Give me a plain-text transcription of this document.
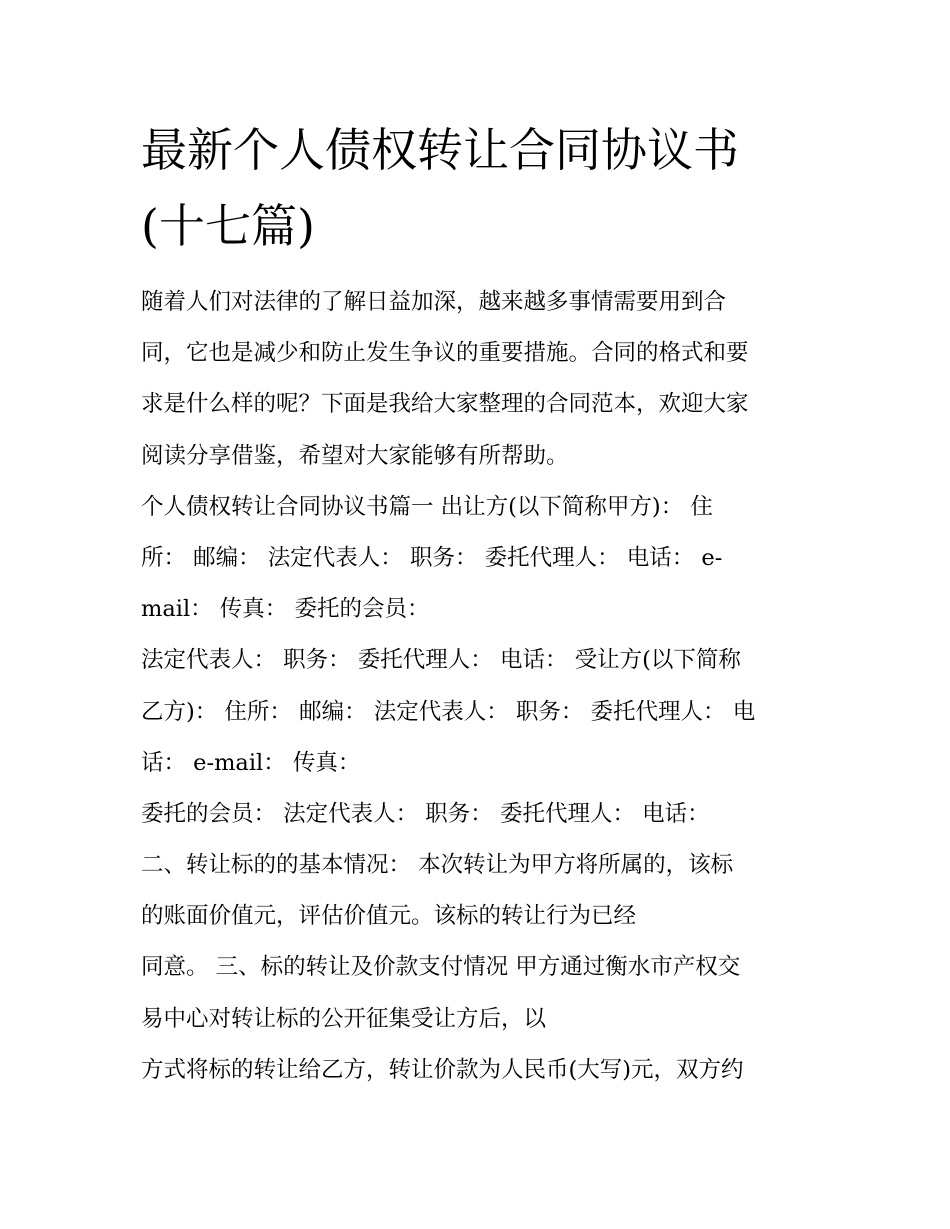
最新个人债权转让合同协议书
(十七篇)
随着人们对法律的了解日益加深，越来越多事情需要用到合
同，它也是减少和防止发生争议的重要措施。合同的格式和要
求是什么样的呢？下面是我给大家整理的合同范本，欢迎大家
阅读分享借鉴，希望对大家能够有所帮助。
个人债权转让合同协议书篇一 出让方(以下简称甲方)： 住
所： 邮编： 法定代表人： 职务： 委托代理人： 电话： e-
mail： 传真： 委托的会员：
法定代表人： 职务： 委托代理人： 电话： 受让方(以下简称
乙方)： 住所： 邮编： 法定代表人： 职务： 委托代理人： 电
话： e-mail： 传真：
委托的会员： 法定代表人： 职务： 委托代理人： 电话：
二、转让标的的基本情况： 本次转让为甲方将所属的，该标
的账面价值元，评估价值元。该标的转让行为已经
同意。 三、标的转让及价款支付情况 甲方通过衡水市产权交
易中心对转让标的公开征集受让方后，以
方式将标的转让给乙方，转让价款为人民币(大写)元，双方约
